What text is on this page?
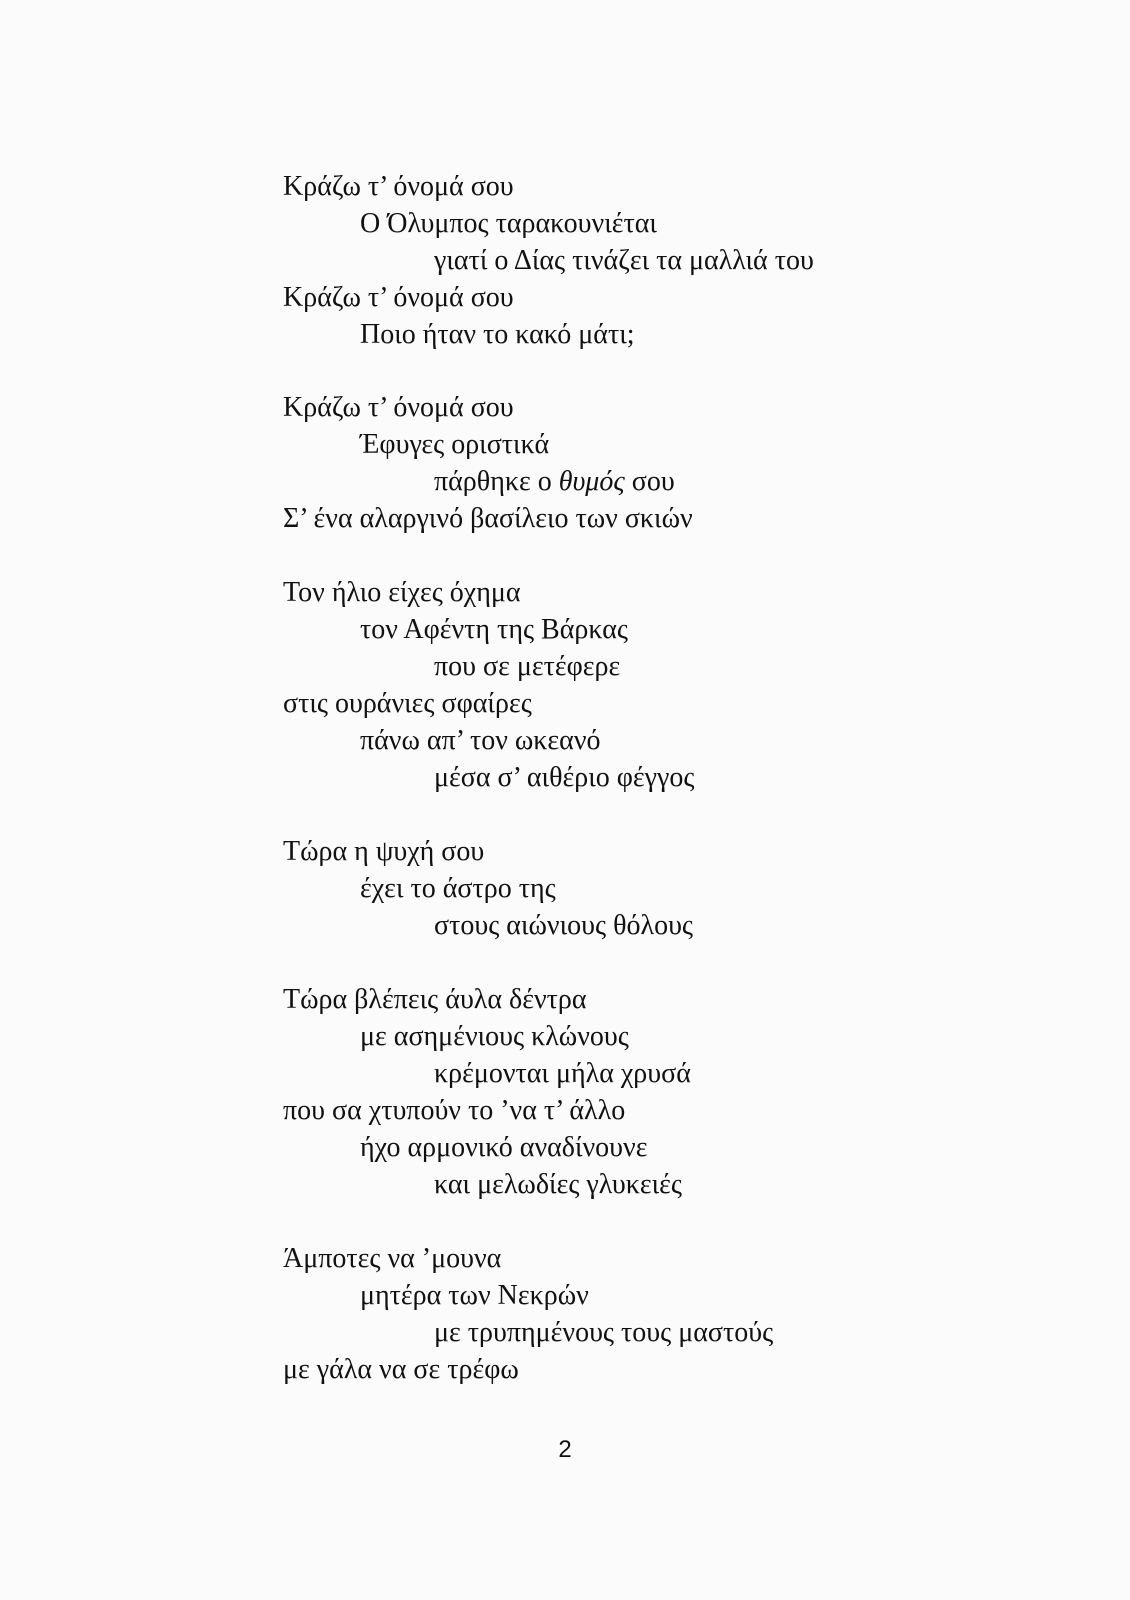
Κράζω τ’ όνομά σου
Ο Όλυμπος ταρακουνιέται
γιατί ο Δίας τινάζει τα μαλλιά του
Κράζω τ’ όνομά σου
Ποιο ήταν το κακό μάτι;
Κράζω τ’ όνομά σου
Έφυγες οριστικά
πάρθηκε ο θυμός σου
Σ’ ένα αλαργινό βασίλειο των σκιών
Τον ήλιο είχες όχημα
τον Αφέντη της Βάρκας
που σε μετέφερε
στις ουράνιες σφαίρες
πάνω απ’ τον ωκεανό
μέσα σ’ αιθέριο φέγγος
Τώρα η ψυχή σου
έχει το άστρο της
στους αιώνιους θόλους
Τώρα βλέπεις άυλα δέντρα
με ασημένιους κλώνους
κρέμονται μήλα χρυσά
που σα χτυπούν το ’να τ’ άλλο
ήχο αρμονικό αναδίνουνε
και μελωδίες γλυκειές
Άμποτες να ’μουνα
μητέρα των Νεκρών
με τρυπημένους τους μαστούς
με γάλα να σε τρέφω
2
